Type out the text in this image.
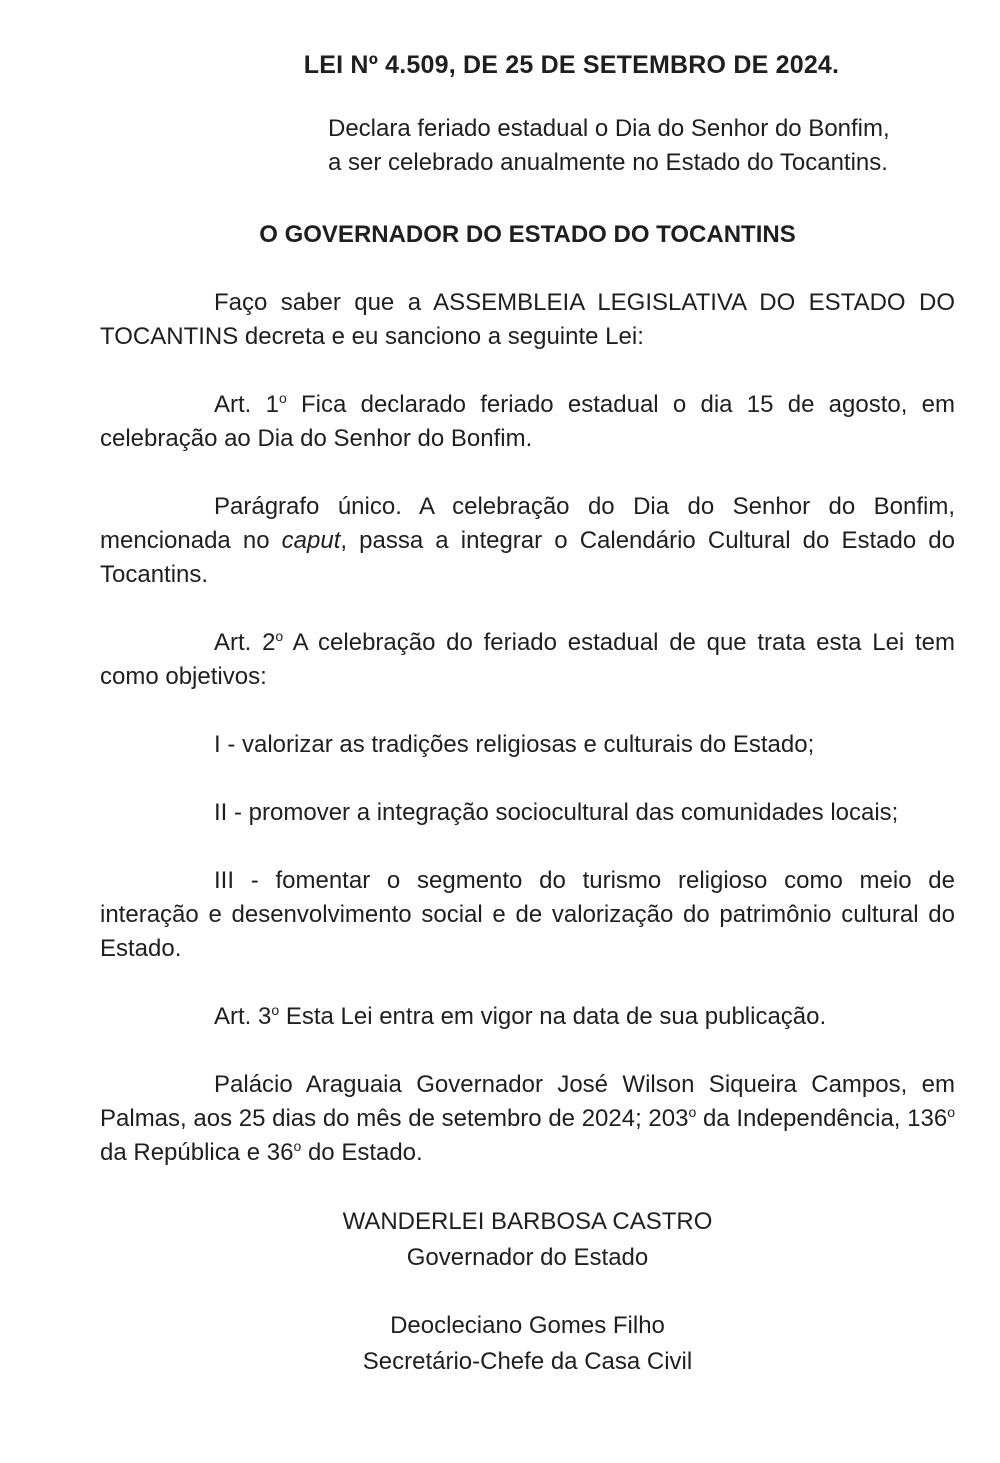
LEI Nº 4.509, DE 25 DE SETEMBRO DE 2024.
Declara feriado estadual o Dia do Senhor do Bonfim,
a ser celebrado anualmente no Estado do Tocantins.
O GOVERNADOR DO ESTADO DO TOCANTINS

Faço saber que a ASSEMBLEIA LEGISLATIVA DO ESTADO DO TOCANTINS decreta e eu sanciono a seguinte Lei:

Art. 1$^o$ Fica declarado feriado estadual o dia 15 de agosto, em celebração ao Dia do Senhor do Bonfim.

Parágrafo único. A celebração do Dia do Senhor do Bonfim, mencionada no caput, passa a integrar o Calendário Cultural do Estado do Tocantins.

Art. 2$^o$ A celebração do feriado estadual de que trata esta Lei tem como objetivos:

I - valorizar as tradições religiosas e culturais do Estado;

II - promover a integração sociocultural das comunidades locais;

III - fomentar o segmento do turismo religioso como meio de interação e desenvolvimento social e de valorização do patrimônio cultural do Estado.

Art. 3$^o$ Esta Lei entra em vigor na data de sua publicação.

Palácio Araguaia Governador José Wilson Siqueira Campos, em Palmas, aos 25 dias do mês de setembro de 2024; 203$^o$ da Independência, 136$^o$ da República e 36$^o$ do Estado.

WANDERLEI BARBOSA CASTRO
Governador do Estado
Deocleciano Gomes Filho
Secretário-Chefe da Casa Civil
